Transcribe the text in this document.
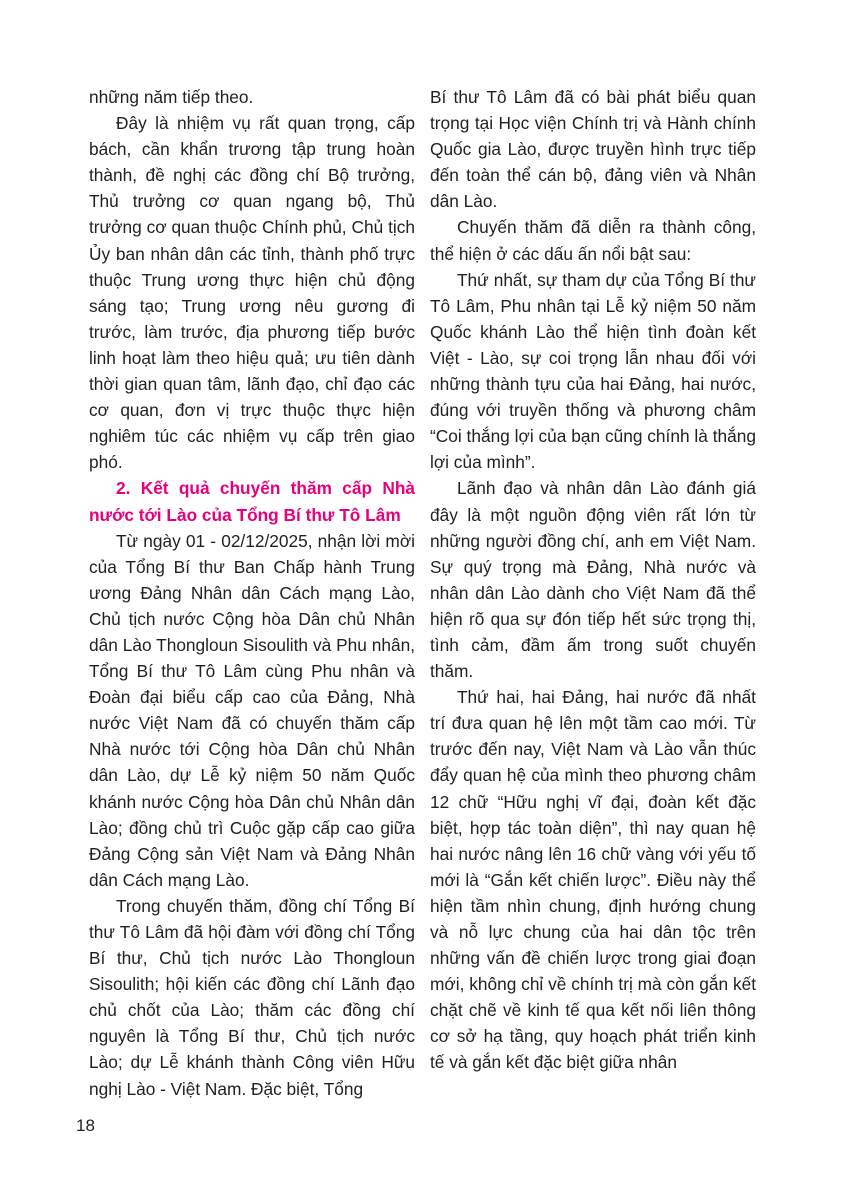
những năm tiếp theo.

Đây là nhiệm vụ rất quan trọng, cấp bách, cần khẩn trương tập trung hoàn thành, đề nghị các đồng chí Bộ trưởng, Thủ trưởng cơ quan ngang bộ, Thủ trưởng cơ quan thuộc Chính phủ, Chủ tịch Ủy ban nhân dân các tỉnh, thành phố trực thuộc Trung ương thực hiện chủ động sáng tạo; Trung ương nêu gương đi trước, làm trước, địa phương tiếp bước linh hoạt làm theo hiệu quả; ưu tiên dành thời gian quan tâm, lãnh đạo, chỉ đạo các cơ quan, đơn vị trực thuộc thực hiện nghiêm túc các nhiệm vụ cấp trên giao phó.

2. Kết quả chuyến thăm cấp Nhà nước tới Lào của Tổng Bí thư Tô Lâm

Từ ngày 01 - 02/12/2025, nhận lời mời của Tổng Bí thư Ban Chấp hành Trung ương Đảng Nhân dân Cách mạng Lào, Chủ tịch nước Cộng hòa Dân chủ Nhân dân Lào Thongloun Sisoulith và Phu nhân, Tổng Bí thư Tô Lâm cùng Phu nhân và Đoàn đại biểu cấp cao của Đảng, Nhà nước Việt Nam đã có chuyến thăm cấp Nhà nước tới Cộng hòa Dân chủ Nhân dân Lào, dự Lễ kỷ niệm 50 năm Quốc khánh nước Cộng hòa Dân chủ Nhân dân Lào; đồng chủ trì Cuộc gặp cấp cao giữa Đảng Cộng sản Việt Nam và Đảng Nhân dân Cách mạng Lào.

Trong chuyến thăm, đồng chí Tổng Bí thư Tô Lâm đã hội đàm với đồng chí Tổng Bí thư, Chủ tịch nước Lào Thongloun Sisoulith; hội kiến các đồng chí Lãnh đạo chủ chốt của Lào; thăm các đồng chí nguyên là Tổng Bí thư, Chủ tịch nước Lào; dự Lễ khánh thành Công viên Hữu nghị Lào - Việt Nam. Đặc biệt, Tổng

Bí thư Tô Lâm đã có bài phát biểu quan trọng tại Học viện Chính trị và Hành chính Quốc gia Lào, được truyền hình trực tiếp đến toàn thể cán bộ, đảng viên và Nhân dân Lào.

Chuyến thăm đã diễn ra thành công, thể hiện ở các dấu ấn nổi bật sau:

Thứ nhất, sự tham dự của Tổng Bí thư Tô Lâm, Phu nhân tại Lễ kỷ niệm 50 năm Quốc khánh Lào thể hiện tình đoàn kết Việt - Lào, sự coi trọng lẫn nhau đối với những thành tựu của hai Đảng, hai nước, đúng với truyền thống và phương châm “Coi thắng lợi của bạn cũng chính là thắng lợi của mình”.

Lãnh đạo và nhân dân Lào đánh giá đây là một nguồn động viên rất lớn từ những người đồng chí, anh em Việt Nam. Sự quý trọng mà Đảng, Nhà nước và nhân dân Lào dành cho Việt Nam đã thể hiện rõ qua sự đón tiếp hết sức trọng thị, tình cảm, đầm ấm trong suốt chuyến thăm.

Thứ hai, hai Đảng, hai nước đã nhất trí đưa quan hệ lên một tầm cao mới. Từ trước đến nay, Việt Nam và Lào vẫn thúc đẩy quan hệ của mình theo phương châm 12 chữ “Hữu nghị vĩ đại, đoàn kết đặc biệt, hợp tác toàn diện”, thì nay quan hệ hai nước nâng lên 16 chữ vàng với yếu tố mới là “Gắn kết chiến lược”. Điều này thể hiện tầm nhìn chung, định hướng chung và nỗ lực chung của hai dân tộc trên những vấn đề chiến lược trong giai đoạn mới, không chỉ về chính trị mà còn gắn kết chặt chẽ về kinh tế qua kết nối liên thông cơ sở hạ tầng, quy hoạch phát triển kinh tế và gắn kết đặc biệt giữa nhân

18
